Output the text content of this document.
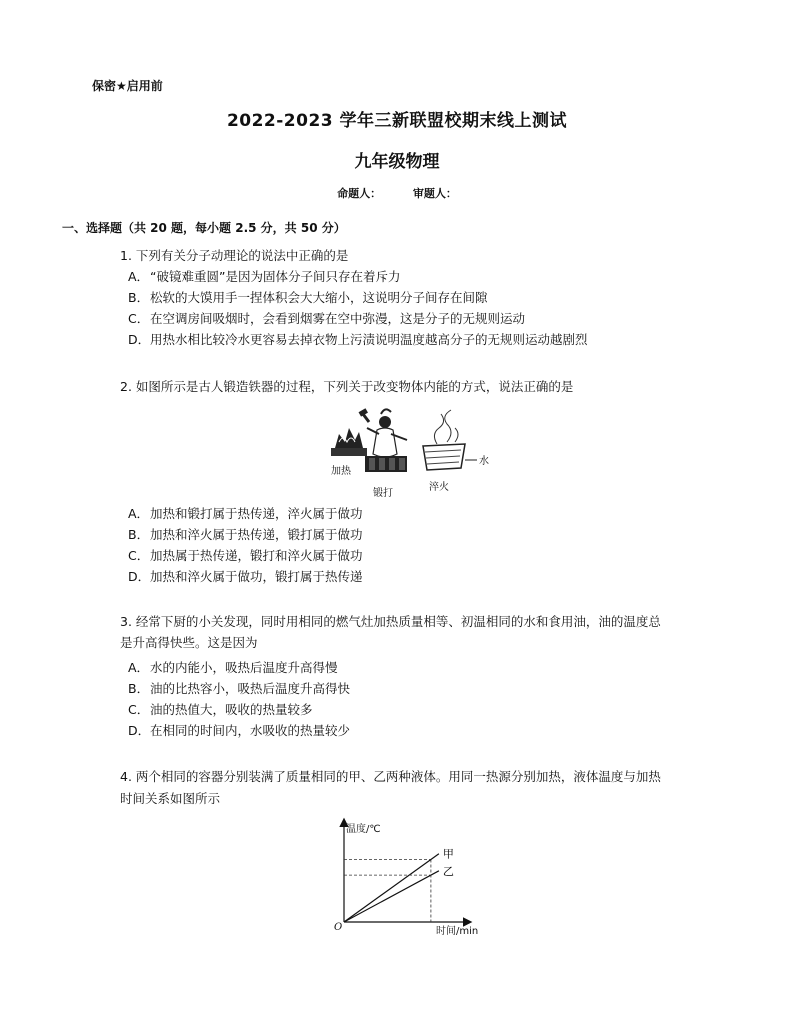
保密★启用前
2022-2023 学年三新联盟校期末线上测试
九年级物理
命题人：	审题人：
一、选择题（共 20 题，每小题 2.5 分，共 50 分）
1. 下列有关分子动理论的说法中正确的是
A．“破镜难重圆”是因为固体分子间只存在着斥力
B．松软的大馍用手一捏体积会大大缩小，这说明分子间存在间隙
C．在空调房间吸烟时，会看到烟雾在空中弥漫，这是分子的无规则运动
D．用热水相比较冷水更容易去掉衣物上污渍说明温度越高分子的无规则运动越剧烈
2. 如图所示是古人锻造铁器的过程，下列关于改变物体内能的方式，说法正确的是
加热
锻打
淬火
水
A．加热和锻打属于热传递，淬火属于做功
B．加热和淬火属于热传递，锻打属于做功
C．加热属于热传递，锻打和淬火属于做功
D．加热和淬火属于做功，锻打属于热传递
3. 经常下厨的小关发现，同时用相同的燃气灶加热质量相等、初温相同的水和食用油，油的温度总
是升高得快些。这是因为
A．水的内能小，吸热后温度升高得慢
B．油的比热容小，吸热后温度升高得快
C．油的热值大，吸收的热量较多
D．在相同的时间内，水吸收的热量较少
4. 两个相同的容器分别装满了质量相同的甲、乙两种液体。用同一热源分别加热，液体温度与加热
时间关系如图所示
甲
乙
温度/℃
时间/min
O
